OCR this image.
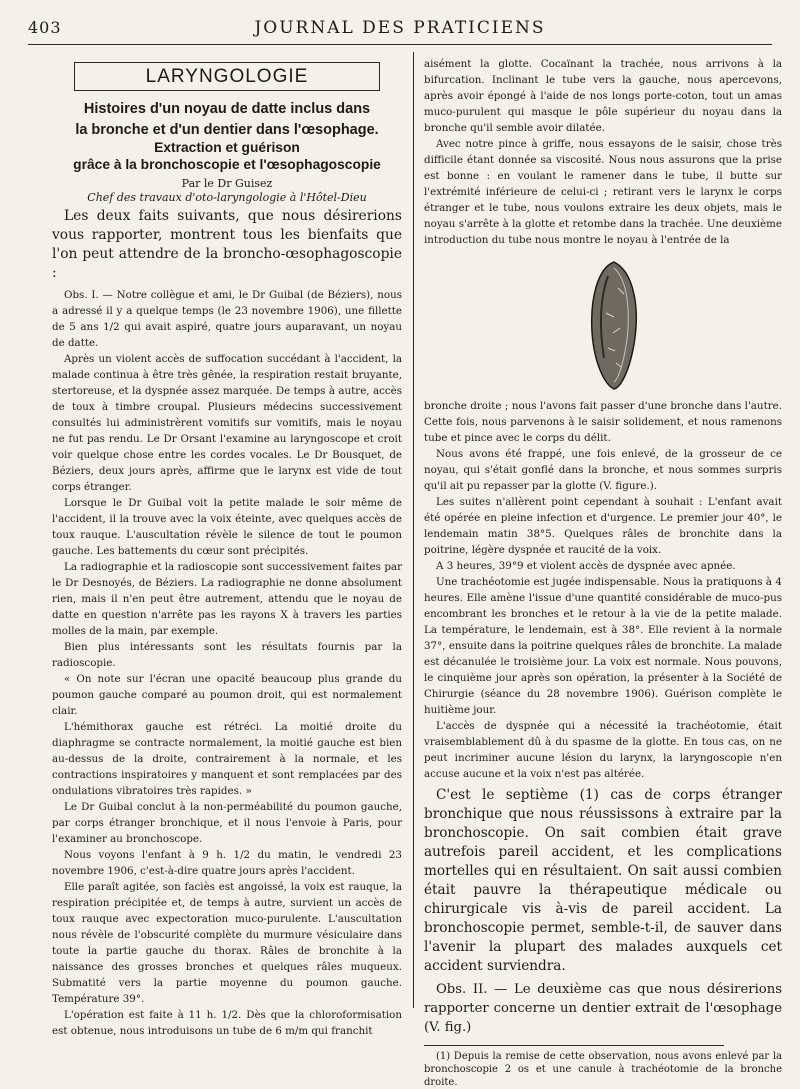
403	JOURNAL DES PRATICIENS
LARYNGOLOGIE
Histoires d'un noyau de datte inclus dans
la bronche et d'un dentier dans l'œsophage.
Extraction et guérison
grâce à la bronchoscopie et l'œsophagoscopie
Par le Dr Guisez
Chef des travaux d'oto-laryngologie à l'Hôtel-Dieu

Les deux faits suivants, que nous désirerions vous rapporter, montrent tous les bienfaits que l'on peut attendre de la broncho-œsophagoscopie :

Obs. I. — Notre collègue et ami, le Dr Guibal (de Béziers), nous a adressé il y a quelque temps (le 23 novembre 1906), une fillette de 5 ans 1/2 qui avait aspiré, quatre jours auparavant, un noyau de datte.

Après un violent accès de suffocation succédant à l'accident, la malade continua à être très gênée, la respiration restait bruyante, stertoreuse, et la dyspnée assez marquée. De temps à autre, accès de toux à timbre croupal. Plusieurs médecins successivement consultés lui administrèrent vomitifs sur vomitifs, mais le noyau ne fut pas rendu. Le Dr Orsant l'examine au laryngoscope et croit voir quelque chose entre les cordes vocales. Le Dr Bousquet, de Béziers, deux jours après, affirme que le larynx est vide de tout corps étranger.

Lorsque le Dr Guibal voit la petite malade le soir même de l'accident, il la trouve avec la voix éteinte, avec quelques accès de toux rauque. L'auscultation révèle le silence de tout le poumon gauche. Les battements du cœur sont précipités.

La radiographie et la radioscopie sont successivement faites par le Dr Desnoyés, de Béziers. La radiographie ne donne absolument rien, mais il n'en peut être autrement, attendu que le noyau de datte en question n'arrête pas les rayons X à travers les parties molles de la main, par exemple.

Bien plus intéressants sont les résultats fournis par la radioscopie.

« On note sur l'écran une opacité beaucoup plus grande du poumon gauche comparé au poumon droit, qui est normalement clair.

L'hémithorax gauche est rétréci. La moitié droite du diaphragme se contracte normalement, la moitié gauche est bien au-dessus de la droite, contrairement à la normale, et les contractions inspiratoires y manquent et sont remplacées par des ondulations vibratoires très rapides. »

Le Dr Guibal conclut à la non-perméabilité du poumon gauche, par corps étranger bronchique, et il nous l'envoie à Paris, pour l'examiner au bronchoscope.

Nous voyons l'enfant à 9 h. 1/2 du matin, le vendredi 23 novembre 1906, c'est-à-dire quatre jours après l'accident.

Elle paraît agitée, son faciès est angoissé, la voix est rauque, la respiration précipitée et, de temps à autre, survient un accès de toux rauque avec expectoration muco-purulente. L'auscultation nous révèle de l'obscurité complète du murmure vésiculaire dans toute la partie gauche du thorax. Râles de bronchite à la naissance des grosses bronches et quelques râles muqueux. Submatité vers la partie moyenne du poumon gauche. Température 39°.

L'opération est faite à 11 h. 1/2. Dès que la chloroformisation est obtenue, nous introduisons un tube de 6 m/m qui franchit

aisément la glotte. Cocaïnant la trachée, nous arrivons à la bifurcation. Inclinant le tube vers la gauche, nous apercevons, après avoir épongé à l'aide de nos longs porte-coton, tout un amas muco-purulent qui masque le pôle supérieur du noyau dans la bronche qu'il semble avoir dilatée.

Avec notre pince à griffe, nous essayons de le saisir, chose très difficile étant donnée sa viscosité. Nous nous assurons que la prise est bonne : en voulant le ramener dans le tube, il butte sur l'extrémité inférieure de celui-ci ; retirant vers le larynx le corps étranger et le tube, nous voulons extraire les deux objets, mais le noyau s'arrête à la glotte et retombe dans la trachée. Une deuxième introduction du tube nous montre le noyau à l'entrée de la

bronche droite ; nous l'avons fait passer d'une bronche dans l'autre. Cette fois, nous parvenons à le saisir solidement, et nous ramenons tube et pince avec le corps du délit.

Nous avons été frappé, une fois enlevé, de la grosseur de ce noyau, qui s'était gonflé dans la bronche, et nous sommes surpris qu'il ait pu repasser par la glotte (V. figure.).

Les suites n'allèrent point cependant à souhait : L'enfant avait été opérée en pleine infection et d'urgence. Le premier jour 40°, le lendemain matin 38°5. Quelques râles de bronchite dans la poitrine, légère dyspnée et raucité de la voix.

A 3 heures, 39°9 et violent accès de dyspnée avec apnée.

Une trachéotomie est jugée indispensable. Nous la pratiquons à 4 heures. Elle amène l'issue d'une quantité considérable de muco-pus encombrant les bronches et le retour à la vie de la petite malade. La température, le lendemain, est à 38°. Elle revient à la normale 37°, ensuite dans la poitrine quelques râles de bronchite. La malade est décanulée le troisième jour. La voix est normale. Nous pouvons, le cinquième jour après son opération, la présenter à la Société de Chirurgie (séance du 28 novembre 1906). Guérison complète le huitième jour.

L'accès de dyspnée qui a nécessité la trachéotomie, était vraisemblablement dû à du spasme de la glotte. En tous cas, on ne peut incriminer aucune lésion du larynx, la laryngoscopie n'en accuse aucune et la voix n'est pas altérée.

C'est le septième (1) cas de corps étranger bronchique que nous réussissons à extraire par la bronchoscopie. On sait combien était grave autrefois pareil accident, et les complications mortelles qui en résultaient. On sait aussi combien était pauvre la thérapeutique médicale ou chirurgicale vis à-vis de pareil accident. La bronchoscopie permet, semble-t-il, de sauver dans l'avenir la plupart des malades auxquels cet accident surviendra.

Obs. II. — Le deuxième cas que nous désirerions rapporter concerne un dentier extrait de l'œsophage (V. fig.)

(1) Depuis la remise de cette observation, nous avons enlevé par la bronchoscopie 2 os et une canule à trachéotomie de la bronche droite.
